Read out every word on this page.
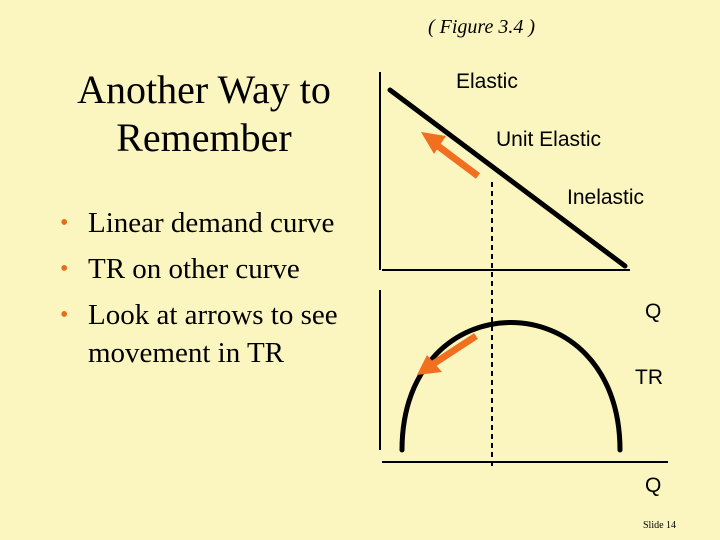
( Figure 3.4 )
Another Way to
Remember
• Linear demand curve
• TR on other curve
• Look at arrows to see movement in TR
Elastic
Unit Elastic
Inelastic
Q
TR
Q
Slide 14
